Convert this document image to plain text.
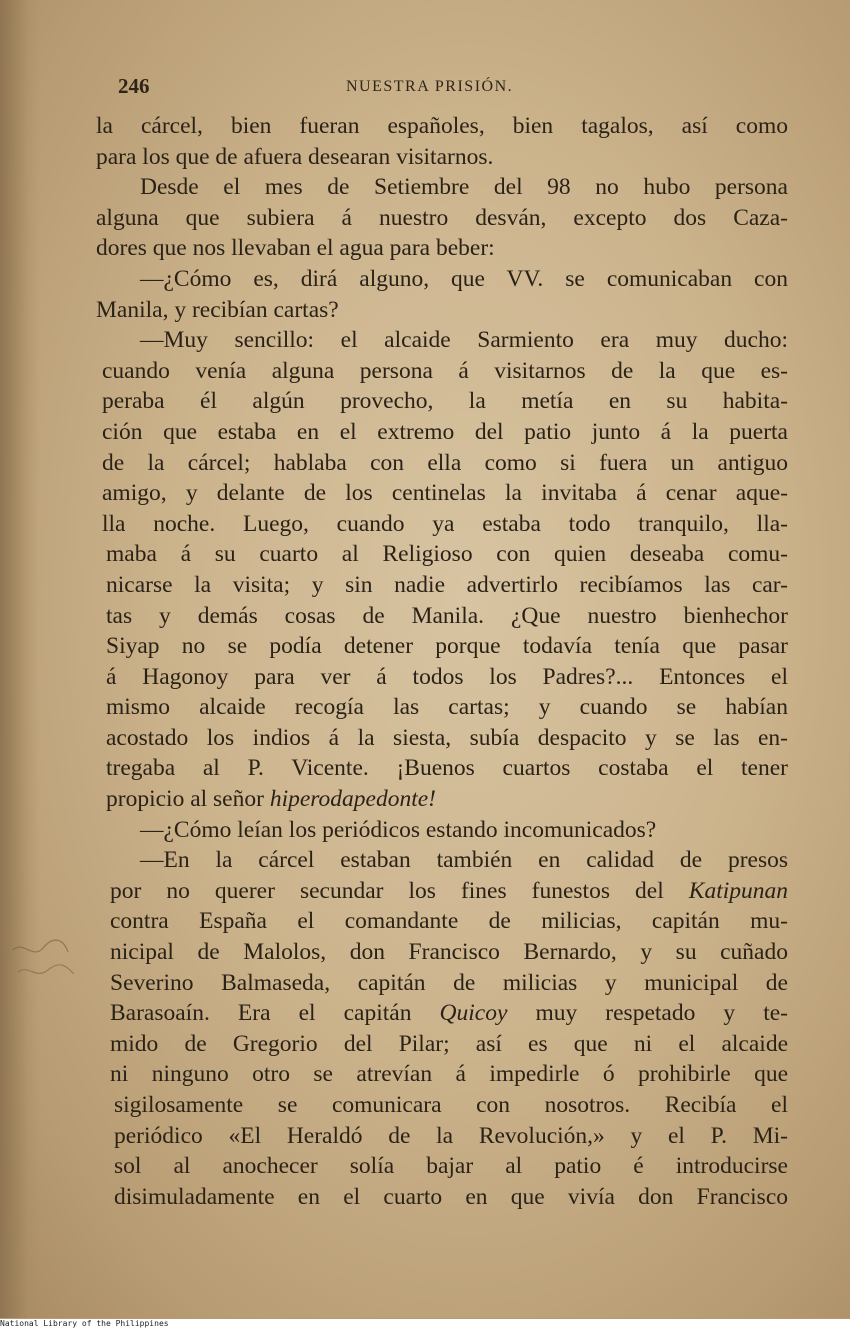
246	NUESTRA PRISIÓN.
la cárcel, bien fueran españoles, bien tagalos, así como
para los que de afuera desearan visitarnos.
Desde el mes de Setiembre del 98 no hubo persona
alguna que subiera á nuestro desván, excepto dos Caza-
dores que nos llevaban el agua para beber:
—¿Cómo es, dirá alguno, que VV. se comunicaban con
Manila, y recibían cartas?
—Muy sencillo: el alcaide Sarmiento era muy ducho:
cuando venía alguna persona á visitarnos de la que es-
peraba él algún provecho, la metía en su habita-
ción que estaba en el extremo del patio junto á la puerta
de la cárcel; hablaba con ella como si fuera un antiguo
amigo, y delante de los centinelas la invitaba á cenar aque-
lla noche. Luego, cuando ya estaba todo tranquilo, lla-
maba á su cuarto al Religioso con quien deseaba comu-
nicarse la visita; y sin nadie advertirlo recibíamos las car-
tas y demás cosas de Manila. ¿Que nuestro bienhechor
Siyap no se podía detener porque todavía tenía que pasar
á Hagonoy para ver á todos los Padres?... Entonces el
mismo alcaide recogía las cartas; y cuando se habían
acostado los indios á la siesta, subía despacito y se las en-
tregaba al P. Vicente. ¡Buenos cuartos costaba el tener
propicio al señor hiperodapedonte!
—¿Cómo leían los periódicos estando incomunicados?
—En la cárcel estaban también en calidad de presos
por no querer secundar los fines funestos del Katipunan
contra España el comandante de milicias, capitán mu-
nicipal de Malolos, don Francisco Bernardo, y su cuñado
Severino Balmaseda, capitán de milicias y municipal de
Barasoaín. Era el capitán Quicoy muy respetado y te-
mido de Gregorio del Pilar; así es que ni el alcaide
ni ninguno otro se atrevían á impedirle ó prohibirle que
sigilosamente se comunicara con nosotros. Recibía el
periódico «El Heraldó de la Revolución,» y el P. Mi-
sol al anochecer solía bajar al patio é introducirse
disimuladamente en el cuarto en que vivía don Francisco
National Library of the Philippines
